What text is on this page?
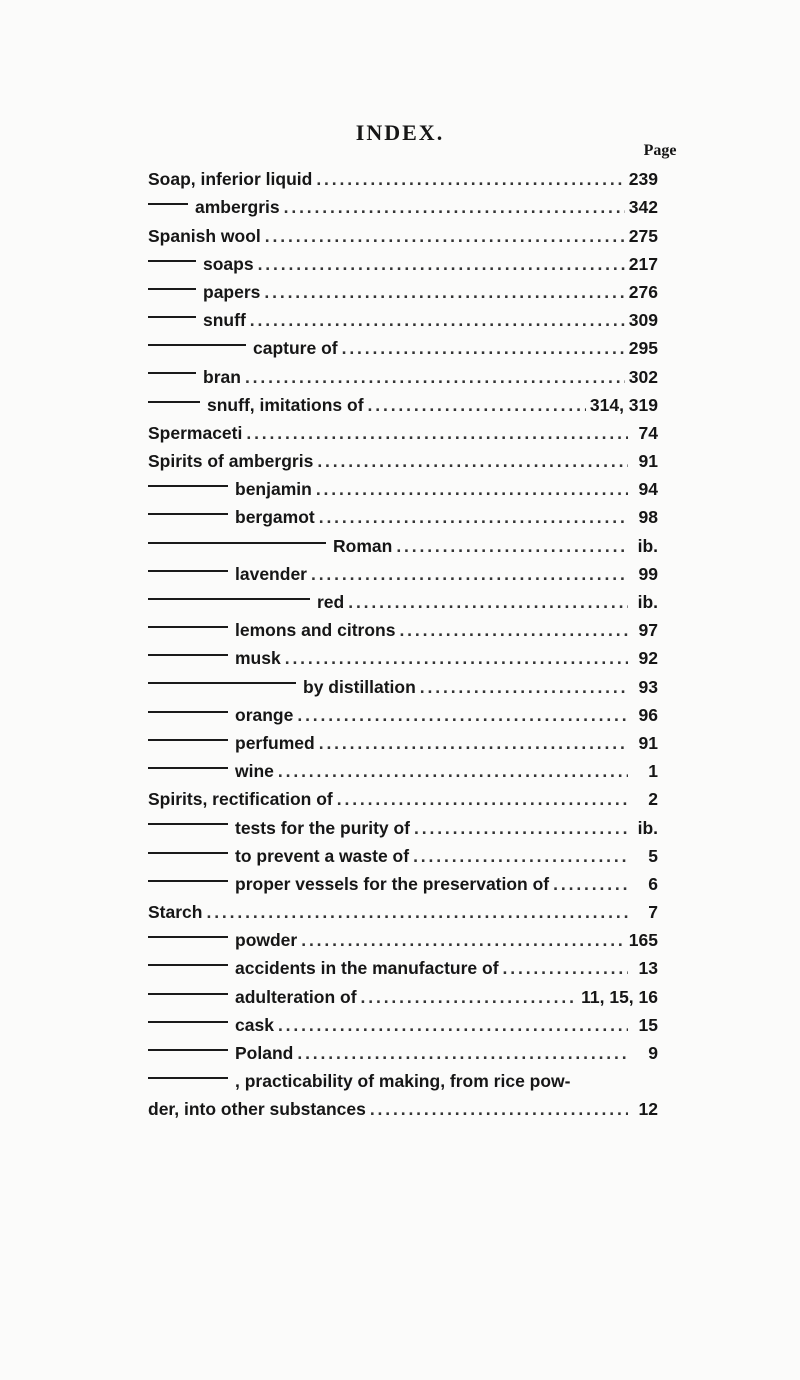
INDEX.
Page
Soap, inferior liquid . . .	239
ambergris . . .	342
Spanish wool . . .	275
soaps . . .	217
papers . . .	276
snuff . . .	309
capture of . . .	295
bran . . .	302
snuff, imitations of . . .	314, 319
Spermaceti . . .	74
Spirits of ambergris . . .	91
benjamin . . .	94
bergamot . . .	98
Roman . . .	ib.
lavender . . .	99
red . . .	ib.
lemons and citrons . . .	97
musk . . .	92
by distillation . . .	93
orange . . .	96
perfumed . . .	91
wine . . .	1
Spirits, rectification of . . .	2
tests for the purity of . . .	ib.
to prevent a waste of . . .	5
proper vessels for the preservation of . . .	6
Starch . . .	7
powder . . .	165
accidents in the manufacture of . . .	13
adulteration of . . .	11, 15, 16
cask . . .	15
Poland . . .	9
, practicability of making, from rice pow-
der, into other substances . . .	12
